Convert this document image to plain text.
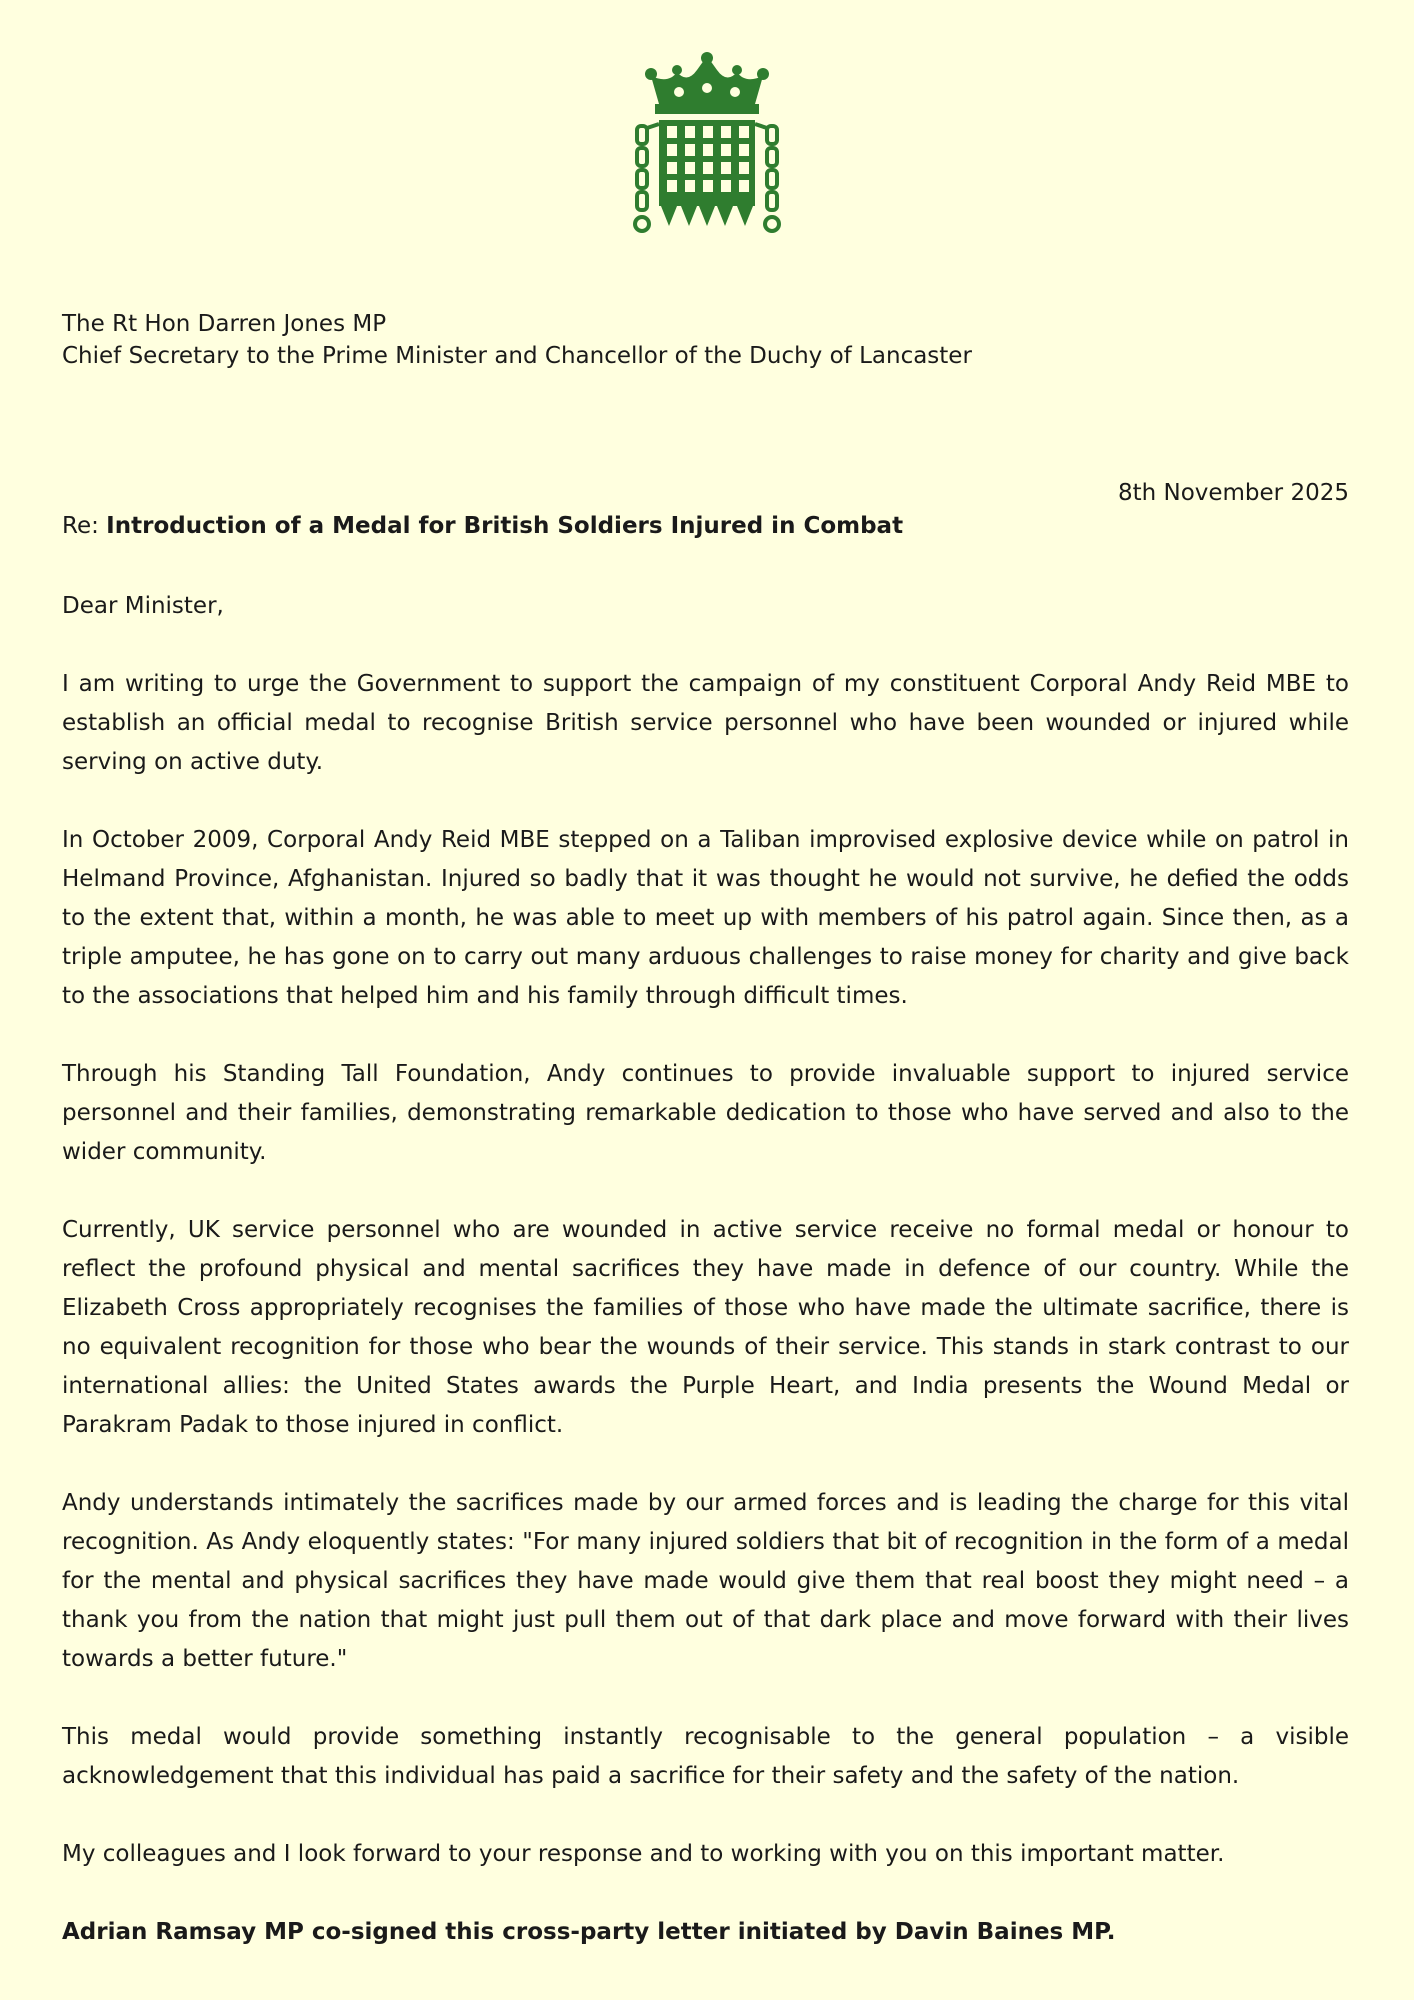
The Rt Hon Darren Jones MP
Chief Secretary to the Prime Minister and Chancellor of the Duchy of Lancaster
8th November 2025
Re: Introduction of a Medal for British Soldiers Injured in Combat

Dear Minister,

I am writing to urge the Government to support the campaign of my constituent Corporal Andy Reid MBE to establish an official medal to recognise British service personnel who have been wounded or injured while serving on active duty.

In October 2009, Corporal Andy Reid MBE stepped on a Taliban improvised explosive device while on patrol in Helmand Province, Afghanistan. Injured so badly that it was thought he would not survive, he defied the odds to the extent that, within a month, he was able to meet up with members of his patrol again. Since then, as a triple amputee, he has gone on to carry out many arduous challenges to raise money for charity and give back to the associations that helped him and his family through difficult times.

Through his Standing Tall Foundation, Andy continues to provide invaluable support to injured service personnel and their families, demonstrating remarkable dedication to those who have served and also to the wider community.

Currently, UK service personnel who are wounded in active service receive no formal medal or honour to reflect the profound physical and mental sacrifices they have made in defence of our country. While the Elizabeth Cross appropriately recognises the families of those who have made the ultimate sacrifice, there is no equivalent recognition for those who bear the wounds of their service. This stands in stark contrast to our international allies: the United States awards the Purple Heart, and India presents the Wound Medal or Parakram Padak to those injured in conflict.

Andy understands intimately the sacrifices made by our armed forces and is leading the charge for this vital recognition. As Andy eloquently states: "For many injured soldiers that bit of recognition in the form of a medal for the mental and physical sacrifices they have made would give them that real boost they might need – a thank you from the nation that might just pull them out of that dark place and move forward with their lives towards a better future."

This medal would provide something instantly recognisable to the general population – a visible acknowledgement that this individual has paid a sacrifice for their safety and the safety of the nation.

My colleagues and I look forward to your response and to working with you on this important matter.

Adrian Ramsay MP co-signed this cross-party letter initiated by Davin Baines MP.
